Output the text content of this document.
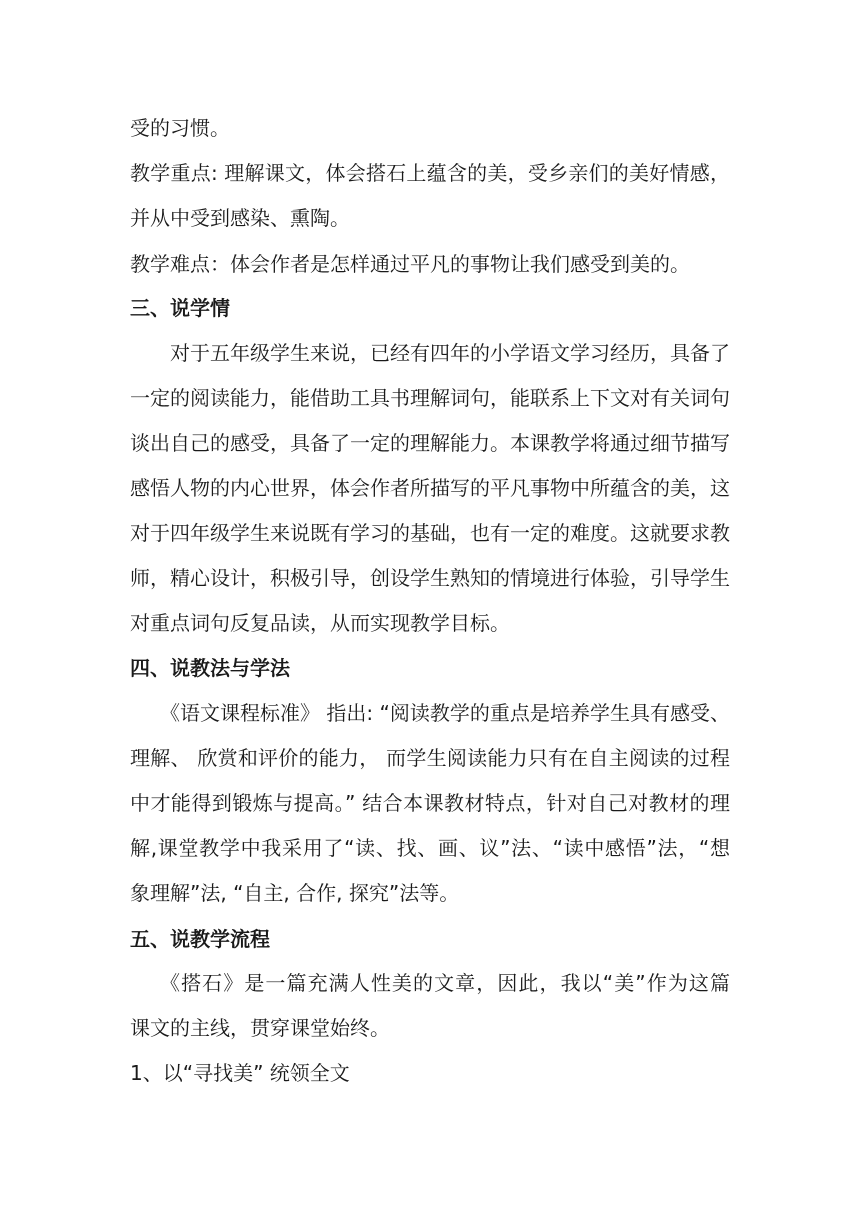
受的习惯。
教学重点: 理解课文，体会搭石上蕴含的美，受乡亲们的美好情感，
并从中受到感染、熏陶。
教学难点：体会作者是怎样通过平凡的事物让我们感受到美的。
三、说学情
对于五年级学生来说，已经有四年的小学语文学习经历，具备了
一定的阅读能力，能借助工具书理解词句，能联系上下文对有关词句
谈出自己的感受，具备了一定的理解能力。本课教学将通过细节描写
感悟人物的内心世界，体会作者所描写的平凡事物中所蕴含的美，这
对于四年级学生来说既有学习的基础，也有一定的难度。这就要求教
师，精心设计，积极引导，创设学生熟知的情境进行体验，引导学生
对重点词句反复品读，从而实现教学目标。
四、说教法与学法
《语文课程标准》 指出: “阅读教学的重点是培养学生具有感受、
理解、 欣赏和评价的能力， 而学生阅读能力只有在自主阅读的过程
中才能得到锻炼与提高。” 结合本课教材特点，针对自己对教材的理
解,课堂教学中我采用了“读、找、画、议”法、“读中感悟”法，“想
象理解”法, “自主, 合作, 探究”法等。
五、说教学流程
《搭石》是一篇充满人性美的文章，因此，我以“美”作为这篇
课文的主线，贯穿课堂始终。
1、以“寻找美” 统领全文
